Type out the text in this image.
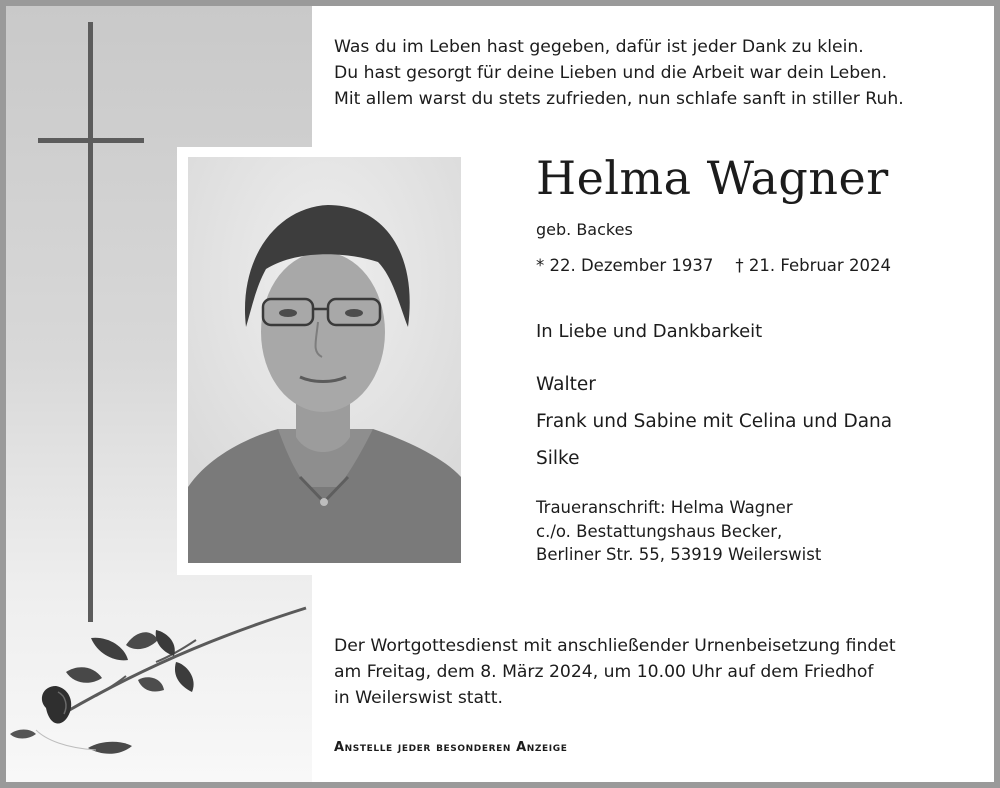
Was du im Leben hast gegeben, dafür ist jeder Dank zu klein.
Du hast gesorgt für deine Lieben und die Arbeit war dein Leben.
Mit allem warst du stets zufrieden, nun schlafe sanft in stiller Ruh.
Helma Wagner
geb. Backes
* 22. Dezember 1937 † 21. Februar 2024
In Liebe und Dankbarkeit
Walter
Frank und Sabine mit Celina und Dana
Silke
Traueranschrift: Helma Wagner
c./o. Bestattungshaus Becker,
Berliner Str. 55, 53919 Weilerswist
Der Wortgottesdienst mit anschließender Urnenbeisetzung findet
am Freitag, dem 8. März 2024, um 10.00 Uhr auf dem Friedhof
in Weilerswist statt.
Anstelle jeder besonderen Anzeige
